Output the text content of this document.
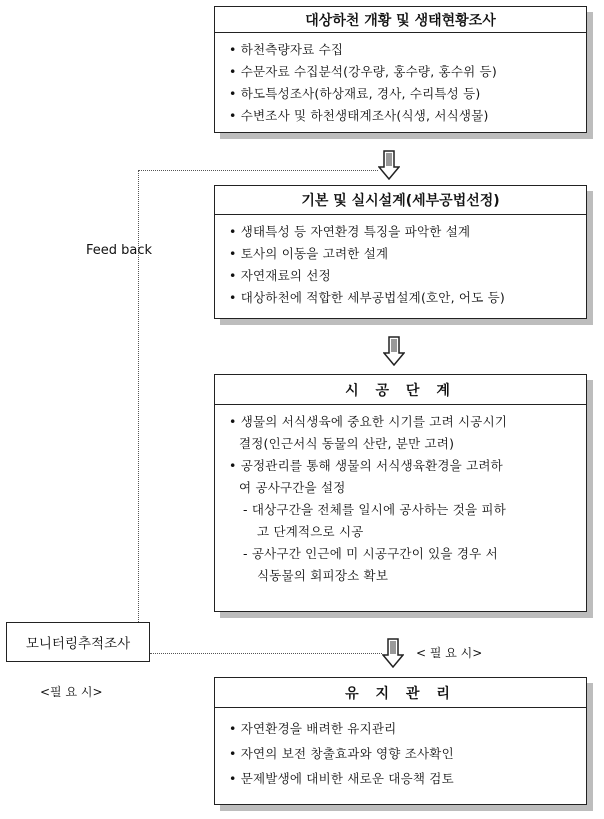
Feed back
대상하천 개황 및 생태현황조사
• 하천측량자료 수집
• 수문자료 수집분석(강우량, 홍수량, 홍수위 등)
• 하도특성조사(하상재료, 경사, 수리특성 등)
• 수변조사 및 하천생태계조사(식생, 서식생물)
기본 및 실시설계(세부공법선정)
• 생태특성 등 자연환경 특징을 파악한 설계
• 토사의 이동을 고려한 설계
• 자연재료의 선정
• 대상하천에 적합한 세부공법설계(호안, 어도 등)
시 공 단 계
• 생물의 서식생육에 중요한 시기를 고려 시공시기
결정(인근서식 동물의 산란, 분만 고려)
• 공정관리를 통해 생물의 서식생육환경을 고려하
여 공사구간을 설정
- 대상구간을 전체를 일시에 공사하는 것을 피하
고 단계적으로 시공
- 공사구간 인근에 미 시공구간이 있을 경우 서
식동물의 회피장소 확보
모니터링추적조사
<필 요 시>
< 필 요 시>
유 지 관 리
• 자연환경을 배려한 유지관리
• 자연의 보전 창출효과와 영향 조사확인
• 문제발생에 대비한 새로운 대응책 검토
